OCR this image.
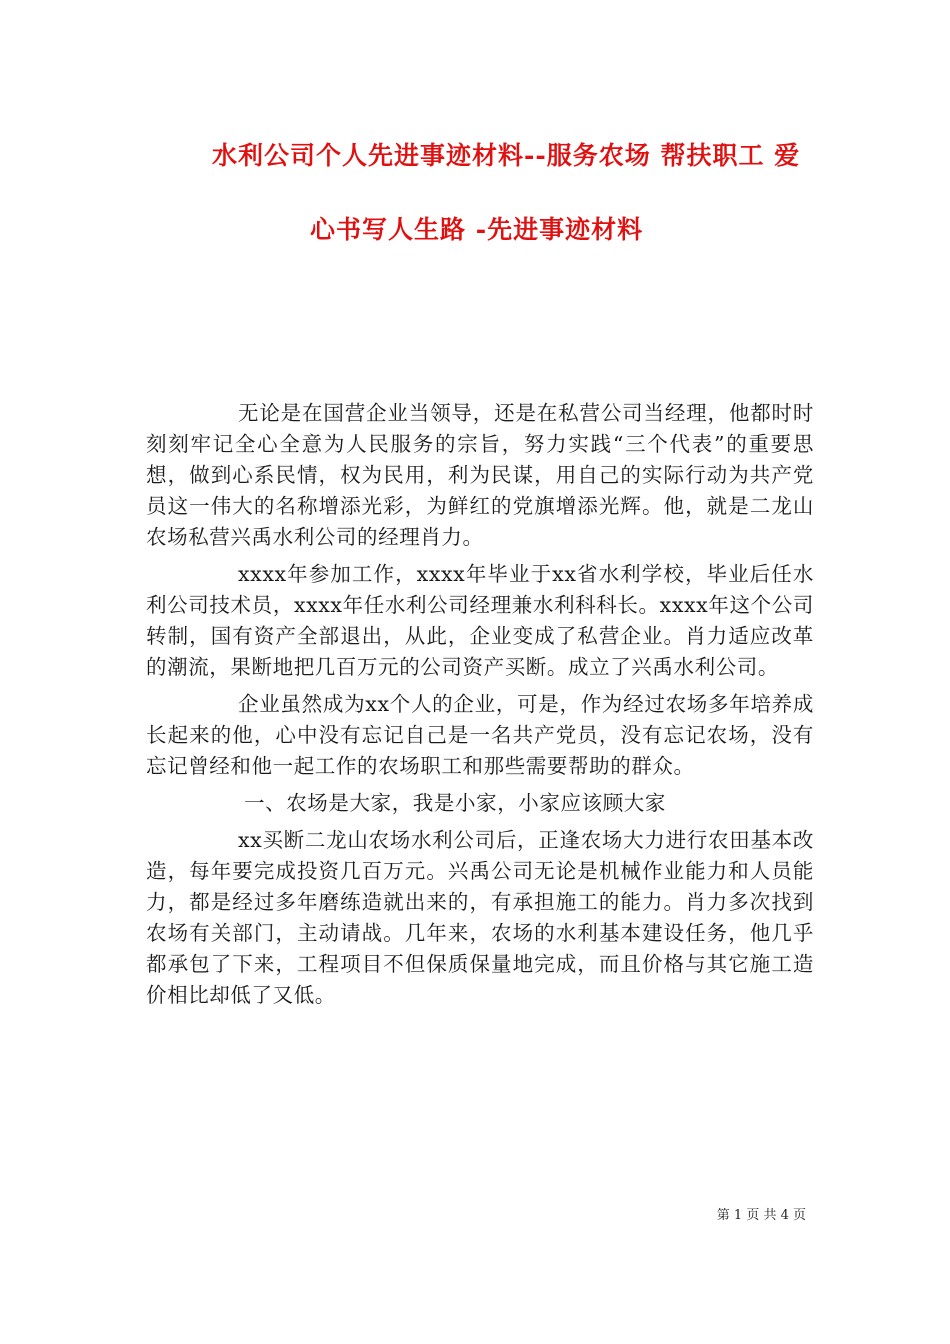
水利公司个人先进事迹材料--服务农场 帮扶职工 爱
心书写人生路 -先进事迹材料

无论是在国营企业当领导，还是在私营公司当经理，他都时时刻刻牢记全心全意为人民服务的宗旨，努力实践“三个代表”的重要思想，做到心系民情，权为民用，利为民谋，用自己的实际行动为共产党员这一伟大的名称增添光彩，为鲜红的党旗增添光辉。他，就是二龙山农场私营兴禹水利公司的经理肖力。

xxxx年参加工作，xxxx年毕业于xx省水利学校，毕业后任水利公司技术员，xxxx年任水利公司经理兼水利科科长。xxxx年这个公司转制，国有资产全部退出，从此，企业变成了私营企业。肖力适应改革的潮流，果断地把几百万元的公司资产买断。成立了兴禹水利公司。

企业虽然成为xx个人的企业，可是，作为经过农场多年培养成长起来的他，心中没有忘记自己是一名共产党员，没有忘记农场，没有忘记曾经和他一起工作的农场职工和那些需要帮助的群众。

一、农场是大家，我是小家，小家应该顾大家

xx买断二龙山农场水利公司后，正逢农场大力进行农田基本改造，每年要完成投资几百万元。兴禹公司无论是机械作业能力和人员能力，都是经过多年磨练造就出来的，有承担施工的能力。肖力多次找到农场有关部门，主动请战。几年来，农场的水利基本建设任务，他几乎都承包了下来，工程项目不但保质保量地完成，而且价格与其它施工造价相比却低了又低。

第 1 页 共 4 页
